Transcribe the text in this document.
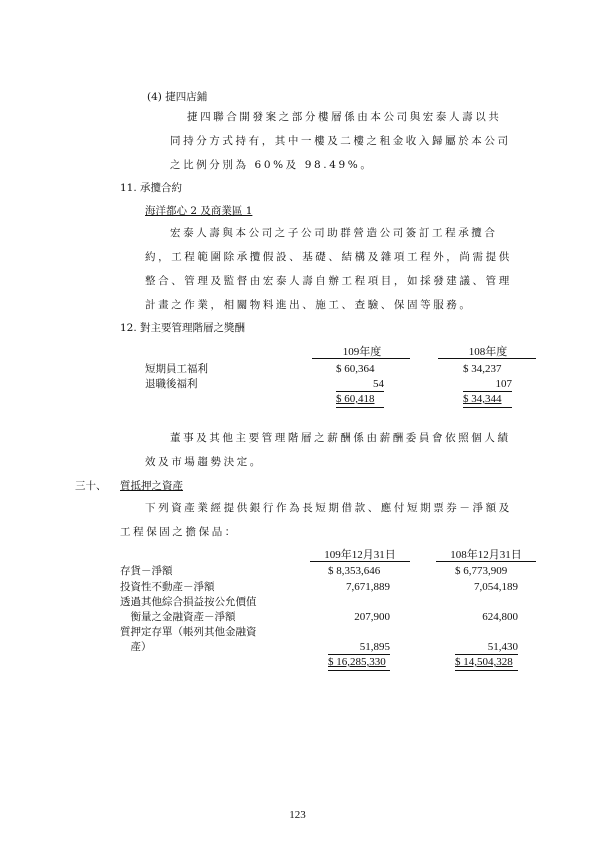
(4) 捷四店鋪
捷四聯合開發案之部分樓層係由本公司與宏泰人壽以共
同持分方式持有，其中一樓及二樓之租金收入歸屬於本公司
之比例分別為 60%及 98.49%。
11. 承攬合約
海洋都心 2 及商業區 1
宏泰人壽與本公司之子公司助群營造公司簽訂工程承攬合
約，工程範圍除承攬假設、基礎、結構及雜項工程外，尚需提供
整合、管理及監督由宏泰人壽自辦工程項目，如採發建議、管理
計畫之作業，相關物料進出、施工、查驗、保固等服務。
12. 對主要管理階層之獎酬
109年度	108年度
短期員工福利	$ 60,364	$ 34,237
退職後福利	54	107
$ 60,418	$ 34,344
董事及其他主要管理階層之薪酬係由薪酬委員會依照個人績
效及市場趨勢決定。
三十、 質抵押之資產
下列資產業經提供銀行作為長短期借款、應付短期票券－淨額及
工程保固之擔保品：
109年12月31日	108年12月31日
存貨－淨額	$ 8,353,646	$ 6,773,909
投資性不動產－淨額	7,671,889	7,054,189
透過其他綜合損益按公允價值
　衡量之金融資產－淨額	207,900	624,800
質押定存單（帳列其他金融資
　產）	51,895	51,430
$ 16,285,330	$ 14,504,328
123
